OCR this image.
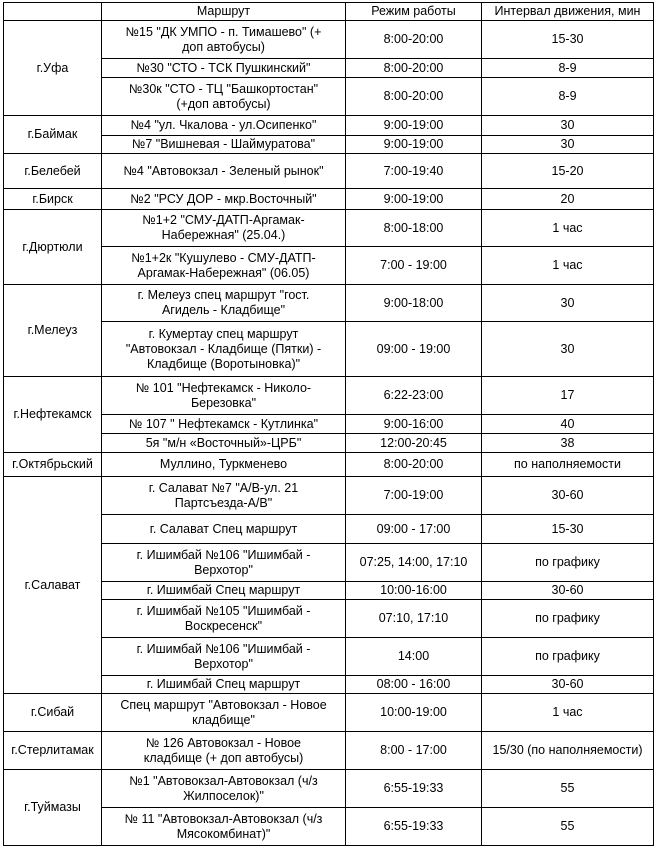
	Маршрут	Режим работы	Интервал движения, мин
г.Уфа	№15 "ДК УМПО - п. Тимашево" (+
доп автобусы)	8:00-20:00	15-30
	№30 "СТО - ТСК Пушкинский"	8:00-20:00	8-9
	№30к "СТО - ТЦ "Башкортостан"
(+доп автобусы)	8:00-20:00	8-9
г.Баймак	№4 "ул. Чкалова - ул.Осипенко"	9:00-19:00	30
	№7 "Вишневая - Шаймуратова"	9:00-19:00	30
г.Белебей	№4 "Автовокзал - Зеленый рынок"	7:00-19:40	15-20
г.Бирск	№2 "РСУ ДОР - мкр.Восточный"	9:00-19:00	20
г.Дюртюли	№1+2 "СМУ-ДАТП-Аргамак-
Набережная" (25.04.)	8:00-18:00	1 час
	№1+2к "Кушулево - СМУ-ДАТП-
Аргамак-Набережная" (06.05)	7:00 - 19:00	1 час
г.Мелеуз	г. Мелеуз спец маршрут "гост.
Агидель - Кладбище"	9:00-18:00	30
	г. Кумертау спец маршрут
"Автовокзал - Кладбище (Пятки) -
Кладбище (Воротыновка)"	09:00 - 19:00	30
г.Нефтекамск	№ 101 "Нефтекамск - Николо-
Березовка"	6:22-23:00	17
	№ 107 " Нефтекамск - Кутлинка"	9:00-16:00	40
	5я "м/н «Восточный»-ЦРБ"	12:00-20:45	38
г.Октябрьский	Муллино, Туркменево	8:00-20:00	по наполняемости
г.Салават	г. Салават №7 "А/В-ул. 21
Партсъезда-А/В"	7:00-19:00	30-60
	г. Салават Спец маршрут	09:00 - 17:00	15-30
	г. Ишимбай №106 "Ишимбай -
Верхотор"	07:25, 14:00, 17:10	по графику
	г. Ишимбай Спец маршрут	10:00-16:00	30-60
	г. Ишимбай №105 "Ишимбай -
Воскресенск"	07:10, 17:10	по графику
	г. Ишимбай №106 "Ишимбай -
Верхотор"	14:00	по графику
	г. Ишимбай Спец маршрут	08:00 - 16:00	30-60
г.Сибай	Спец маршрут "Автовокзал - Новое
кладбище"	10:00-19:00	1 час
г.Стерлитамак	№ 126 Автовокзал - Новое
кладбище (+ доп автобусы)	8:00 - 17:00	15/30 (по наполняемости)
г.Туймазы	№1 "Автовокзал-Автовокзал (ч/з
Жилпоселок)"	6:55-19:33	55
	№ 11 "Автовокзал-Автовокзал (ч/з
Мясокомбинат)"	6:55-19:33	55
